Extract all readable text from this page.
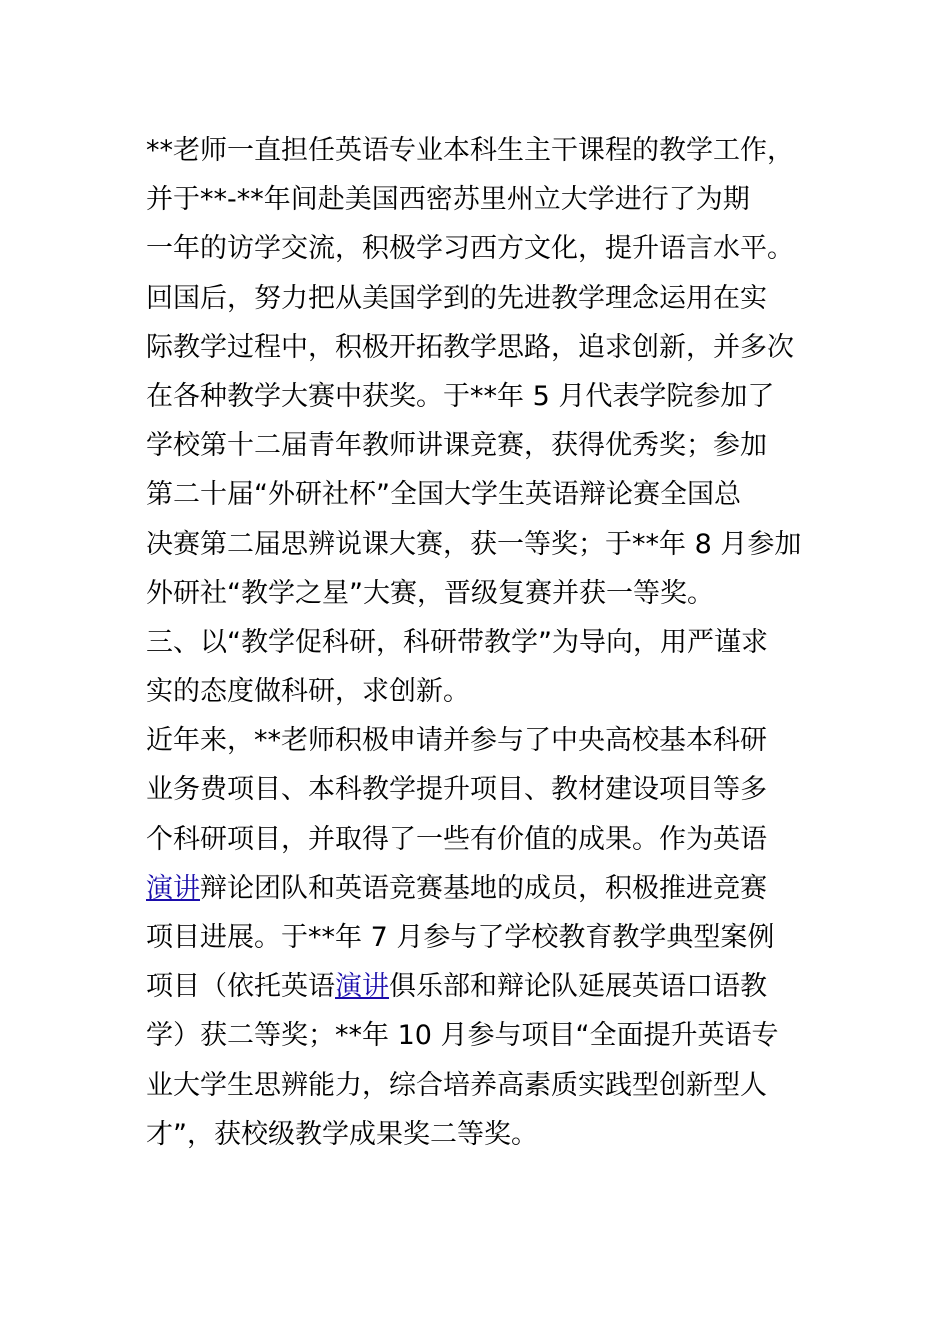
**老师一直担任英语专业本科生主干课程的教学工作，
并于**-**年间赴美国西密苏里州立大学进行了为期
一年的访学交流，积极学习西方文化，提升语言水平。
回国后，努力把从美国学到的先进教学理念运用在实
际教学过程中，积极开拓教学思路，追求创新，并多次
在各种教学大赛中获奖。于**年 5 月代表学院参加了
学校第十二届青年教师讲课竞赛，获得优秀奖；参加
第二十届“外研社杯”全国大学生英语辩论赛全国总
决赛第二届思辨说课大赛，获一等奖；于**年 8 月参加
外研社“教学之星”大赛，晋级复赛并获一等奖。
三、以“教学促科研，科研带教学”为导向，用严谨求
实的态度做科研，求创新。
近年来，**老师积极申请并参与了中央高校基本科研
业务费项目、本科教学提升项目、教材建设项目等多
个科研项目，并取得了一些有价值的成果。作为英语
演讲辩论团队和英语竞赛基地的成员，积极推进竞赛
项目进展。于**年 7 月参与了学校教育教学典型案例
项目（依托英语演讲俱乐部和辩论队延展英语口语教
学）获二等奖；**年 10 月参与项目“全面提升英语专
业大学生思辨能力，综合培养高素质实践型创新型人
才”，获校级教学成果奖二等奖。
